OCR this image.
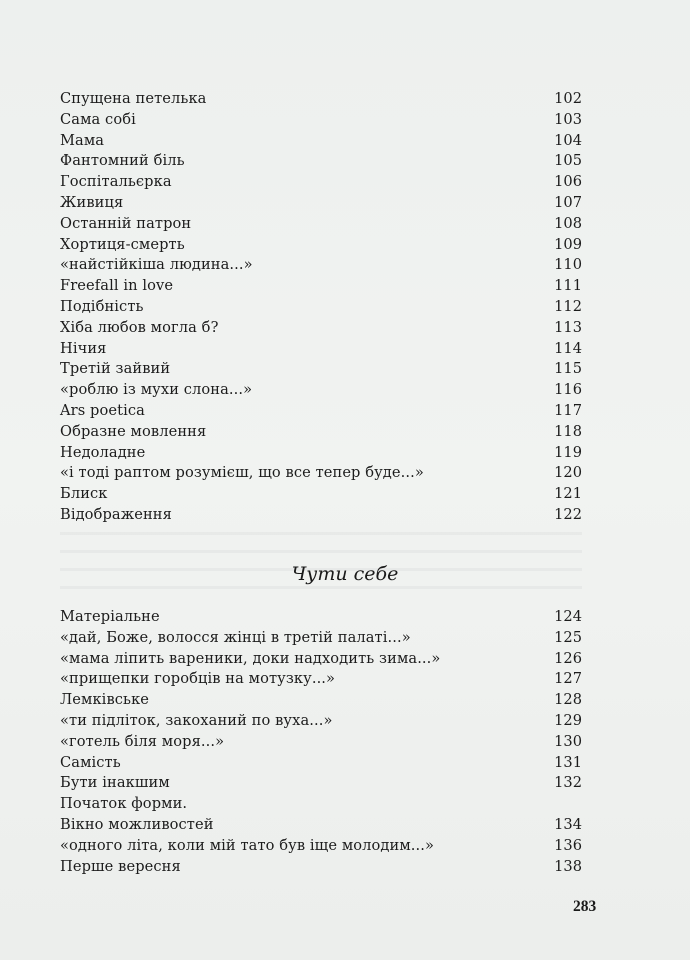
Спущена петелька	102
Сама собі	103
Мама	104
Фантомний біль	105
Госпітальєрка	106
Живиця	107
Останній патрон	108
Хортиця-смерть	109
«найстійкіша людина...»	110
Freefall in love	111
Подібність	112
Хіба любов могла б?	113
Нічия	114
Третій зайвий	115
«роблю із мухи слона...»	116
Ars poetica	117
Образне мовлення	118
Недоладне	119
«і тоді раптом розумієш, що все тепер буде...»	120
Блиск	121
Відображення	122
Чути себе
Матеріальне	124
«дай, Боже, волосся жінці в третій палаті...»	125
«мама ліпить вареники, доки надходить зима...»	126
«прищепки горобців на мотузку...»	127
Лемківське	128
«ти підліток, закоханий по вуха...»	129
«готель біля моря...»	130
Самість	131
Бути інакшим	132
Початок форми.
Вікно можливостей	134
«одного літа, коли мій тато був іще молодим...»	136
Перше вересня	138
283
